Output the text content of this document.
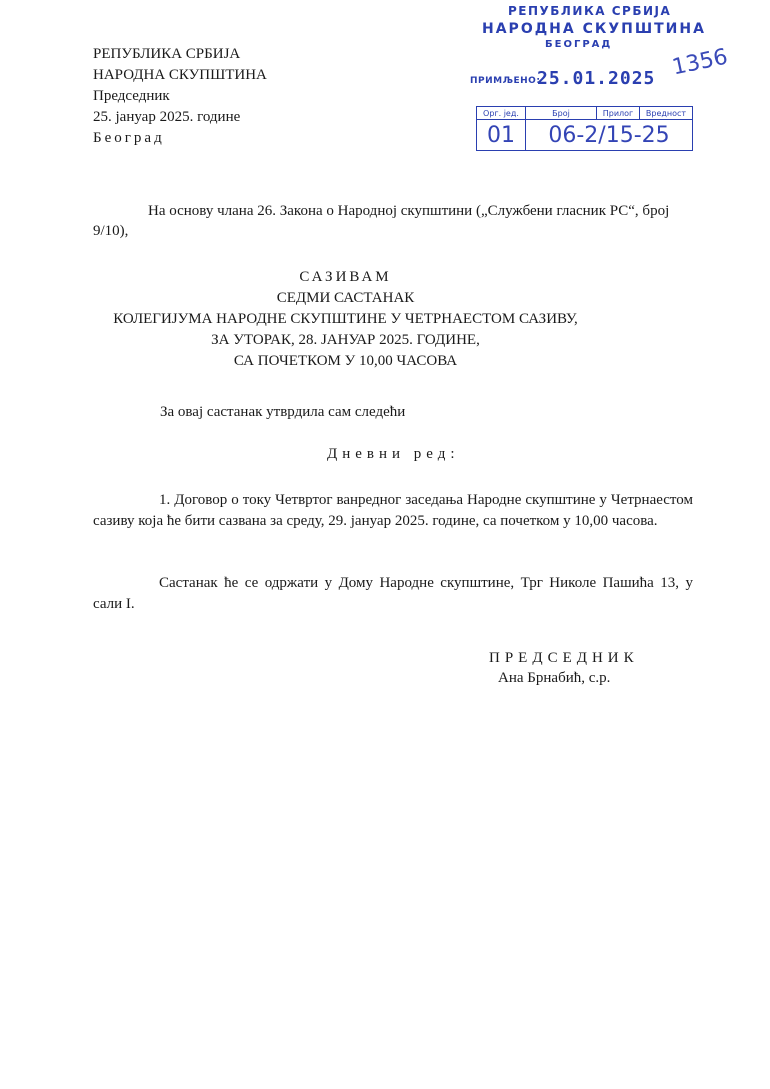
РЕПУБЛИКА СРБИЈА
НАРОДНА СКУПШТИНА
Председник
25. јануар 2025. године
Београд
РЕПУБЛИКА СРБИЈА
НАРОДНА СКУПШТИНА
БЕОГРАД
ПРИМЉЕНО:
25.01.2025 1356
Орг. јед.	Број	Прилог	Вредност
01	06-2/15-25		
На основу члана 26. Закона о Народној скупштини („Службени гласник РС“, број 9/10),
САЗИВАМ
СЕДМИ САСТАНАК
КОЛЕГИЈУМА НАРОДНЕ СКУПШТИНЕ У ЧЕТРНАЕСТОМ САЗИВУ,
ЗА УТОРАК, 28. ЈАНУАР 2025. ГОДИНЕ,
СА ПОЧЕТКОМ У 10,00 ЧАСОВА
За овај састанак утврдила сам следећи
Дневни ред:
1. Договор о току Четвртог ванредног заседања Народне скупштине у Четрнаестом сазиву која ће бити сазвана за среду, 29. јануар 2025. године, са почетком у 10,00 часова.
Састанак ће се одржати у Дому Народне скупштине, Трг Николе Пашића 13, у сали I.
ПРЕДСЕДНИК
Ана Брнабић, с.р.
